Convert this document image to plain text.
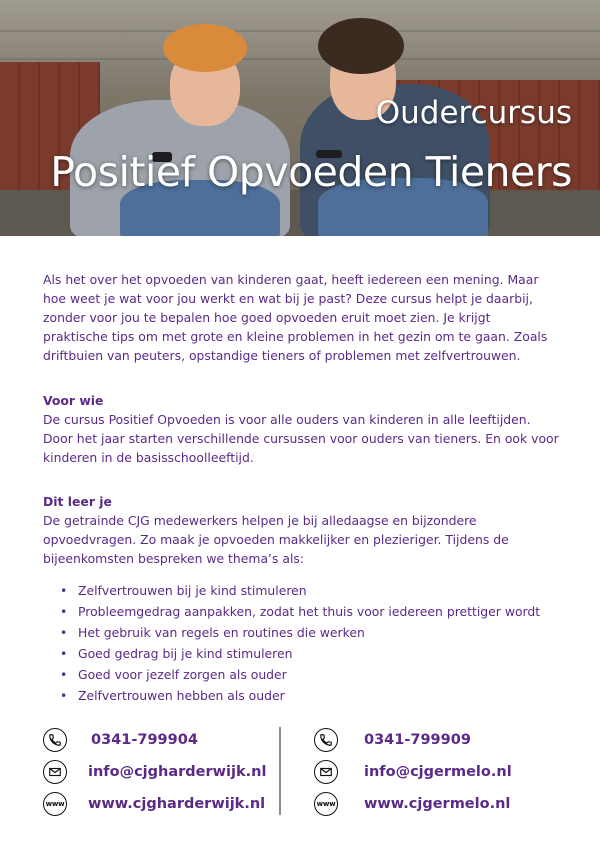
Oudercursus
Positief Opvoeden Tieners

Als het over het opvoeden van kinderen gaat, heeft iedereen een mening. Maar hoe weet je wat voor jou werkt en wat bij je past? Deze cursus helpt je daarbij, zonder voor jou te bepalen hoe goed opvoeden eruit moet zien. Je krijgt praktische tips om met grote en kleine problemen in het gezin om te gaan. Zoals driftbuien van peuters, opstandige tieners of problemen met zelfvertrouwen.

Voor wie

De cursus Positief Opvoeden is voor alle ouders van kinderen in alle leeftijden. Door het jaar starten verschillende cursussen voor ouders van tieners. En ook voor kinderen in de basisschoolleeftijd.

Dit leer je

De getrainde CJG medewerkers helpen je bij alledaagse en bijzondere opvoedvragen. Zo maak je opvoeden makkelijker en plezieriger. Tijdens de bijeenkomsten bespreken we thema’s als:

• Zelfvertrouwen bij je kind stimuleren
• Probleemgedrag aanpakken, zodat het thuis voor iedereen prettiger wordt
• Het gebruik van regels en routines die werken
• Goed gedrag bij je kind stimuleren
• Goed voor jezelf zorgen als ouder
• Zelfvertrouwen hebben als ouder
0341-799904
info@cjgharderwijk.nl
www www.cjgharderwijk.nl
0341-799909
info@cjgermelo.nl
www www.cjgermelo.nl
